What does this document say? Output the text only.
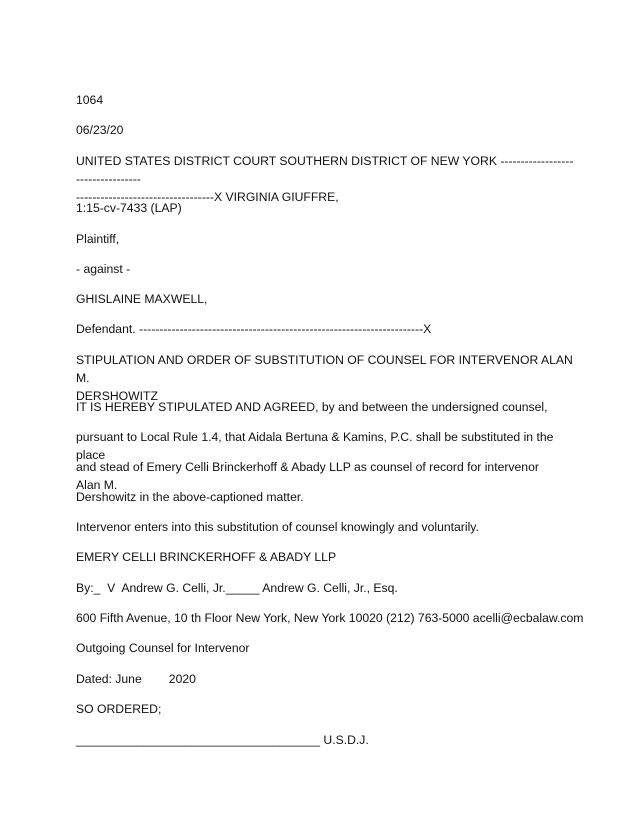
1064

06/23/20

UNITED STATES DISTRICT COURT SOUTHERN DISTRICT OF NEW YORK ----------------------------------
----------------------------------X VIRGINIA GIUFFRE,

1:15-cv-7433 (LAP)

Plaintiff,

- against -

GHISLAINE MAXWELL,

Defendant. ----------------------------------------------------------------------X

STIPULATION AND ORDER OF SUBSTITUTION OF COUNSEL FOR INTERVENOR ALAN M.
DERSHOWITZ

IT IS HEREBY STIPULATED AND AGREED, by and between the undersigned counsel,

pursuant to Local Rule 1.4, that Aidala Bertuna & Kamins, P.C. shall be substituted in the place

and stead of Emery Celli Brinckerhoff & Abady LLP as counsel of record for intervenor Alan M.

Dershowitz in the above-captioned matter.

Intervenor enters into this substitution of counsel knowingly and voluntarily.

EMERY CELLI BRINCKERHOFF & ABADY LLP

By:_  V  Andrew G. Celli, Jr._____ Andrew G. Celli, Jr., Esq.

600 Fifth Avenue, 10 th Floor New York, New York 10020 (212) 763-5000 acelli@ecbalaw.com

Outgoing Counsel for Intervenor

Dated: June        2020

SO ORDERED;

____________________________________ U.S.D.J.
